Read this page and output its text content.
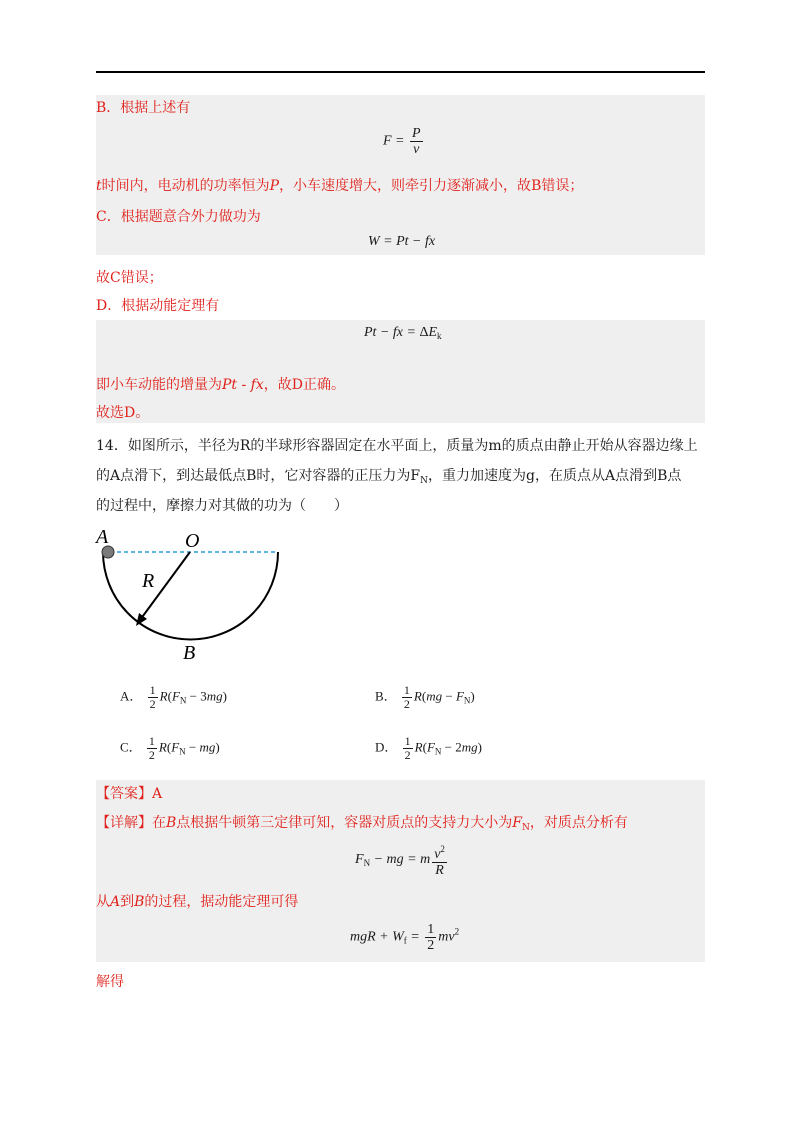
B．根据上述有
$F = \frac{P}{v}$
t时间内，电动机的功率恒为P，小车速度增大，则牵引力逐渐减小，故B错误；
C．根据题意合外力做功为
W = Pt − fx
故C错误；
D．根据动能定理有
Pt − fx = $\Delta E_k$
即小车动能的增量为Pt - fx，故D正确。
故选D。
14．如图所示，半径为R的半球形容器固定在水平面上，质量为m的质点由静止开始从容器边缘上
的A点滑下，到达最低点B时，它对容器的正压力为$F_N$，重力加速度为g，在质点从A点滑到B点
的过程中，摩擦力对其做的功为（　　）
A	O
R
B
A． $\frac{1}{2} R(F_N - 3mg)$	B． $\frac{1}{2} R(mg - F_N)$
C． $\frac{1}{2} R(F_N - mg)$	D． $\frac{1}{2} R(F_N - 2mg)$
【答案】A
【详解】在B点根据牛顿第三定律可知，容器对质点的支持力大小为$F_N$，对质点分析有
$F_N$ − mg = m $\frac{v^2}{R}$
从A到B的过程，据动能定理可得
mgR + $W_f = \frac{1}{2} mv^2$
解得
